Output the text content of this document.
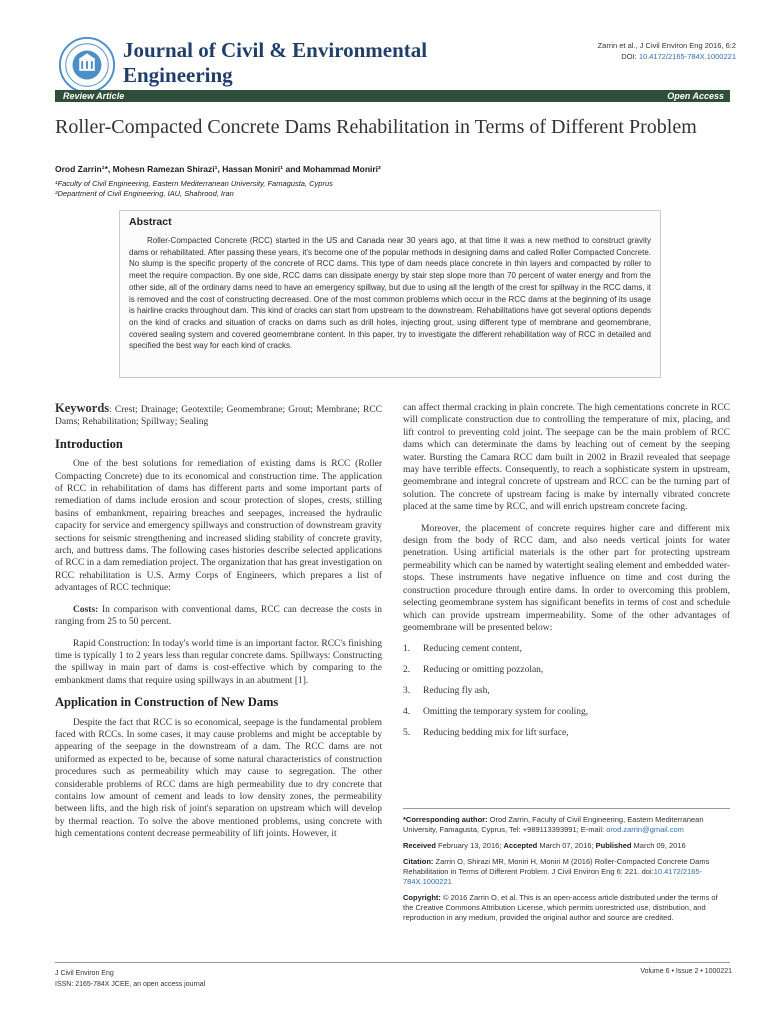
Journal of Civil & Environmental Engineering
Zarrin et al., J Civil Environ Eng 2016, 6:2
DOI: 10.4172/2165-784X.1000221
Review Article	Open Access
Roller-Compacted Concrete Dams Rehabilitation in Terms of Different Problem
Orod Zarrin¹*, Mohesn Ramezan Shirazi¹, Hassan Moniri¹ and Mohammad Moniri²
¹Faculty of Civil Engineering, Eastern Mediterranean University, Famagusta, Cyprus
²Department of Civil Engineering, IAU, Shahrood, Iran
Abstract

Roller-Compacted Concrete (RCC) started in the US and Canada near 30 years ago, at that time it was a new method to construct gravity dams or rehabilitated. After passing these years, it's become one of the popular methods in designing dams and called Roller Compacted Concrete. No slump is the specific property of the concrete of RCC dams. This type of dam needs place concrete in thin layers and compacted by roller to meet the require compaction. By one side, RCC dams can dissipate energy by stair step slope more than 70 percent of water energy and from the other side, all of the ordinary dams need to have an emergency spillway, but due to using all the length of the crest for spillway in the RCC dams, it is removed and the cost of constructing decreased. One of the most common problems which occur in the RCC dams at the beginning of its usage is hairline cracks throughout dam. This kind of cracks can start from upstream to the downstream. Rehabilitations have got several options depends on the kind of cracks and situation of cracks on dams such as drill holes, injecting grout, using different type of membrane and geomembrane, covered sealing system and covered geomembrane content. In this paper, try to investigate the different rehabilitation way of RCC in detailed and specified the best way for each kind of cracks.

Keywords: Crest; Drainage; Geotextile; Geomembrane; Grout; Membrane; RCC Dams; Rehabilitation; Spillway; Sealing

Introduction

One of the best solutions for remediation of existing dams is RCC (Roller Compacting Concrete) due to its economical and construction time. The application of RCC in rehabilitation of dams has different parts and some important parts of remediation of dams include erosion and scour protection of slopes, crests, stilling basins of embankment, repairing breaches and seepages, increased the hydraulic capacity for service and emergency spillways and construction of downstream gravity sections for seismic strengthening and increased sliding stability of concrete gravity, arch, and buttress dams. The following cases histories describe selected applications of RCC in a dam remediation project. The organization that has great investigation on RCC rehabilitation is U.S. Army Corps of Engineers, which prepares a list of advantages of RCC technique:

Costs: In comparison with conventional dams, RCC can decrease the costs in ranging from 25 to 50 percent.

Rapid Construction: In today's world time is an important factor. RCC's finishing time is typically 1 to 2 years less than regular concrete dams. Spillways: Constructing the spillway in main part of dams is cost-effective which by comparing to the embankment dams that require using spillways in an abutment [1].

Application in Construction of New Dams

Despite the fact that RCC is so economical, seepage is the fundamental problem faced with RCCs. In some cases, it may cause problems and might be acceptable by appearing of the seepage in the downstream of a dam. The RCC dams are not uniformed as expected to be, because of some natural characteristics of construction procedures such as permeability which may cause to segregation. The other considerable problems of RCC dams are high permeability due to dry concrete that contains low amount of cement and leads to low density zones, the permeability between lifts, and the high risk of joint's separation on upstream which will develop by thermal reaction. To solve the above mentioned problems, using concrete with high cementations content decrease permeability of lift joints. However, it

can affect thermal cracking in plain concrete. The high cementations concrete in RCC will complicate construction due to controlling the temperature of mix, placing, and lift control to preventing cold joint. The seepage can be the main problem of RCC dams which can determinate the dams by leaching out of cement by the seeping water. Bursting the Camara RCC dam built in 2002 in Brazil revealed that seepage may have terrible effects. Consequently, to reach a sophisticate system in upstream, geomembrane and integral concrete of upstream and RCC can be the turning part of solution. The concrete of upstream facing is make by internally vibrated concrete placed at the same time by RCC, and will enrich upstream concrete facing.

Moreover, the placement of concrete requires higher care and different mix design from the body of RCC dam, and also needs vertical joints for water penetration. Using artificial materials is the other part for protecting upstream permeability which can be named by watertight sealing element and embedded water-stops. These instruments have negative influence on time and cost during the construction procedure through entire dams. In order to overcoming this problem, selecting geomembrane system has significant benefits in terms of cost and schedule which can provide upstream impermeability. Some of the other advantages of geomembrane will be presented below:

1. Reducing cement content,
2. Reducing or omitting pozzolan,
3. Reducing fly ash,
4. Omitting the temporary system for cooling,
5. Reducing bedding mix for lift surface,

*Corresponding author: Orod Zarrin, Faculty of Civil Engineering, Eastern Mediterranean University, Famagusta, Cyprus, Tel: +989113393991; E-mail: orod.zarrin@gmail.com

Received February 13, 2016; Accepted March 07, 2016; Published March 09, 2016

Citation: Zarrin O, Shirazi MR, Moniri H, Moniri M (2016) Roller-Compacted Concrete Dams Rehabilitation in Terms of Different Problem. J Civil Environ Eng 6: 221. doi:10.4172/2165-784X.1000221

Copyright: © 2016 Zarrin O, et al. This is an open-access article distributed under the terms of the Creative Commons Attribution License, which permits unrestricted use, distribution, and reproduction in any medium, provided the original author and source are credited.

J Civil Environ Eng
ISSN: 2165-784X JCEE, an open access journal
Volume 6 • Issue 2 • 1000221
